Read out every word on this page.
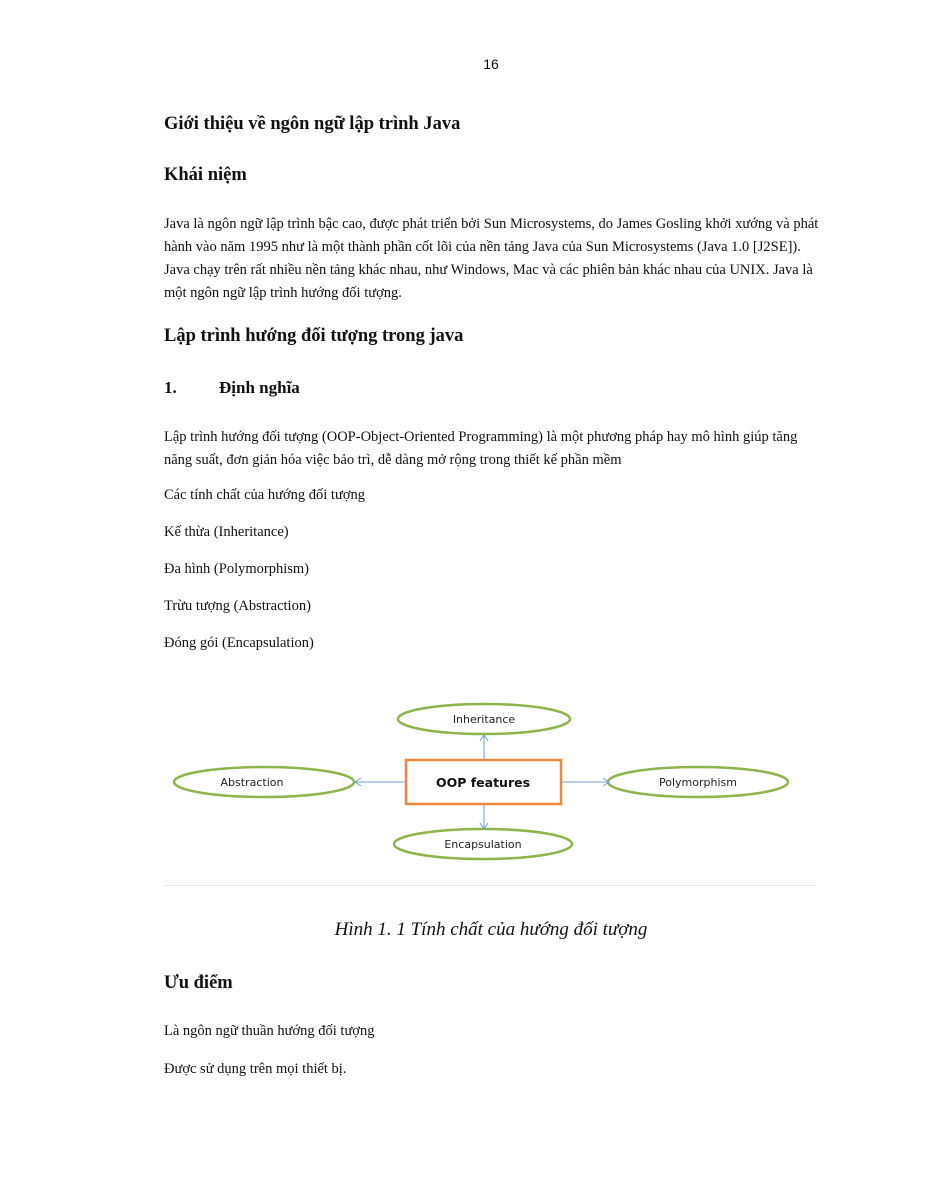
16
Giới thiệu về ngôn ngữ lập trình Java
Khái niệm

Java là ngôn ngữ lập trình bậc cao, được phát triển bởi Sun Microsystems, do James Gosling khởi xướng và phát hành vào năm 1995 như là một thành phần cốt lõi của nền tảng Java của Sun Microsystems (Java 1.0 [J2SE]). Java chạy trên rất nhiều nền tảng khác nhau, như Windows, Mac và các phiên bản khác nhau của UNIX. Java là một ngôn ngữ lập trình hướng đối tượng.

Lập trình hướng đối tượng trong java
1. Định nghĩa

Lập trình hướng đối tượng (OOP-Object-Oriented Programming) là một phương pháp hay mô hình giúp tăng năng suất, đơn giản hóa việc bảo trì, dễ dàng mở rộng trong thiết kế phần mềm

Các tính chất của hướng đối tượng
Kế thừa (Inheritance)
Đa hình (Polymorphism)
Trừu tượng (Abstraction)
Đóng gói (Encapsulation)
Inheritance
Abstraction	Polymorphism
Encapsulation
OOP features
Hình 1. 1 Tính chất của hướng đối tượng
Ưu điểm
Là ngôn ngữ thuần hướng đối tượng
Được sử dụng trên mọi thiết bị.
